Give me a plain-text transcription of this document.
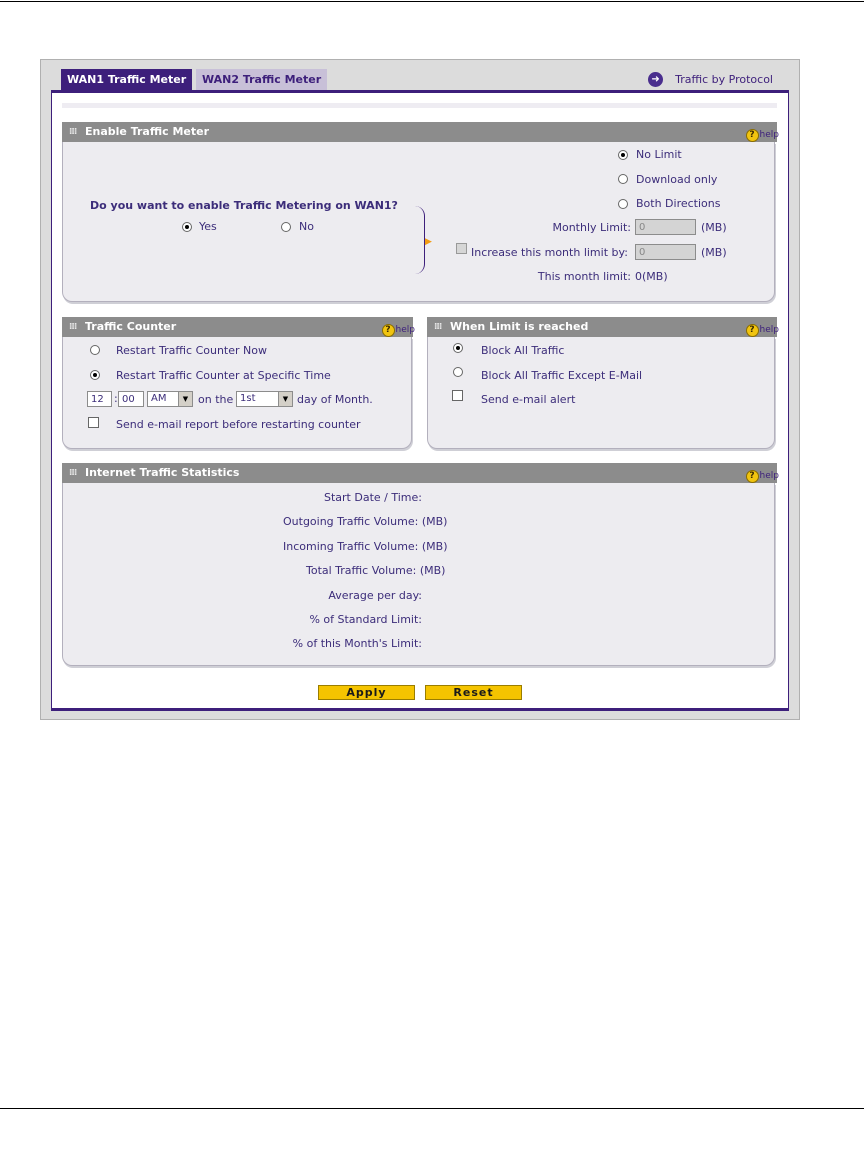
WAN1 Traffic Meter	WAN2 Traffic Meter	➜	Traffic by Protocol
⁞⁞⁞ Enable Traffic Meter	? help
Do you want to enable Traffic Metering on WAN1?
Yes	No
▶
No Limit
Download only
Both Directions
Monthly Limit:
0	(MB)
Increase this month limit by:
0	(MB)
This month limit: 0(MB)
⁞⁞⁞ Traffic Counter	? help
Restart Traffic Counter Now
Restart Traffic Counter at Specific Time
12
:
00	AM	▼ on the 1st	▼ day of Month.
Send e-mail report before restarting counter
⁞⁞⁞ When Limit is reached	? help
Block All Traffic
Block All Traffic Except E-Mail
Send e-mail alert
⁞⁞⁞ Internet Traffic Statistics	? help
Start Date / Time:
Outgoing Traffic Volume: (MB)
Incoming Traffic Volume: (MB)
Total Traffic Volume: (MB)
Average per day:
% of Standard Limit:
% of this Month's Limit:
Apply	Reset
